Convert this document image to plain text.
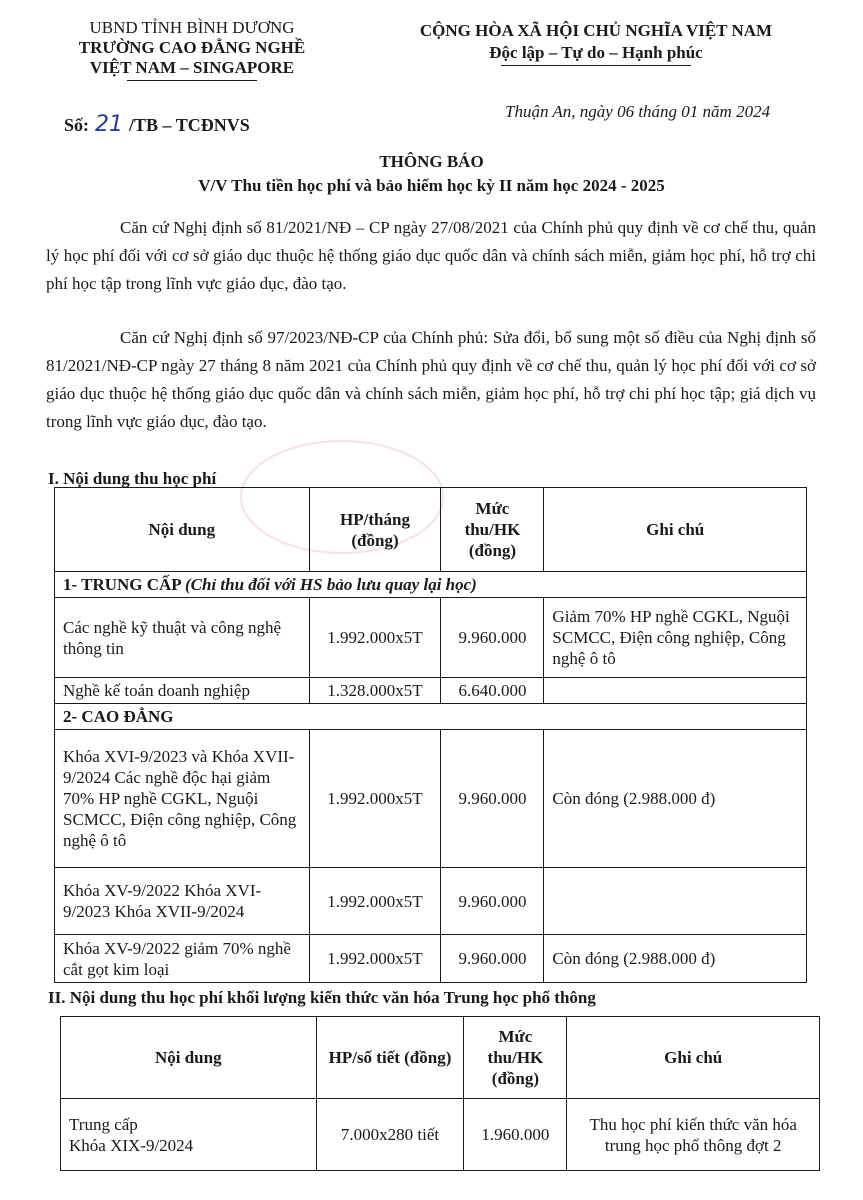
UBND TỈNH BÌNH DƯƠNG
TRƯỜNG CAO ĐẲNG NGHỀ
VIỆT NAM – SINGAPORE
CỘNG HÒA XÃ HỘI CHỦ NGHĨA VIỆT NAM
Độc lập – Tự do – Hạnh phúc
Số: 21 /TB – TCĐNVS
Thuận An, ngày 06 tháng 01 năm 2024
THÔNG BÁO
V/V Thu tiền học phí và bảo hiểm học kỳ II năm học 2024 - 2025
Căn cứ Nghị định số 81/2021/NĐ – CP ngày 27/08/2021 của Chính phủ quy định về cơ chế thu, quản lý học phí đối với cơ sở giáo dục thuộc hệ thống giáo dục quốc dân và chính sách miễn, giảm học phí, hỗ trợ chi phí học tập trong lĩnh vực giáo dục, đào tạo.
Căn cứ Nghị định số 97/2023/NĐ-CP của Chính phủ: Sửa đổi, bổ sung một số điều của Nghị định số 81/2021/NĐ-CP ngày 27 tháng 8 năm 2021 của Chính phủ quy định về cơ chế thu, quản lý học phí đối với cơ sở giáo dục thuộc hệ thống giáo dục quốc dân và chính sách miễn, giảm học phí, hỗ trợ chi phí học tập; giá dịch vụ trong lĩnh vực giáo dục, đào tạo.
I. Nội dung thu học phí
Nội dung	HP/tháng (đồng)	Mức thu/HK (đồng)	Ghi chú
1- TRUNG CẤP (Chỉ thu đối với HS bảo lưu quay lại học)			
Các nghề kỹ thuật và công nghệ thông tin	1.992.000x5T	9.960.000	Giảm 70% HP nghề CGKL, Nguội SCMCC, Điện công nghiệp, Công nghệ ô tô
Nghề kế toán doanh nghiệp	1.328.000x5T	6.640.000	
2- CAO ĐẲNG			
Khóa XVI-9/2023 và Khóa XVII-9/2024 Các nghề độc hại giảm 70% HP nghề CGKL, Nguội SCMCC, Điện công nghiệp, Công nghệ ô tô	1.992.000x5T	9.960.000	Còn đóng (2.988.000 đ)
Khóa XV-9/2022 Khóa XVI-9/2023 Khóa XVII-9/2024	1.992.000x5T	9.960.000	
Khóa XV-9/2022 giảm 70% nghề cắt gọt kim loại	1.992.000x5T	9.960.000	Còn đóng (2.988.000 đ)
II. Nội dung thu học phí khối lượng kiến thức văn hóa Trung học phổ thông
Nội dung	HP/số tiết (đồng)	Mức thu/HK (đồng)	Ghi chú

Trung cấp
Khóa XIX-9/2024	7.000x280 tiết	1.960.000	Thu học phí kiến thức văn hóa trung học phổ thông đợt 2
